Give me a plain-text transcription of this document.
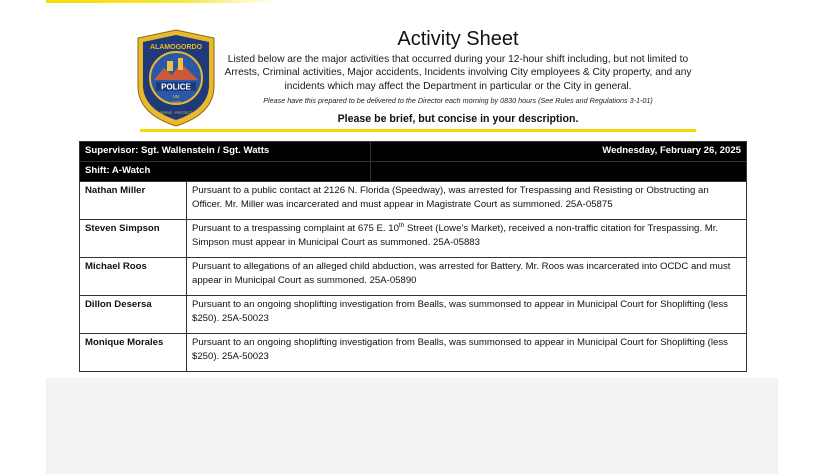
POLICE
ALAMOGORDO
NM
1898
SERVE · PROTECT
Activity Sheet
Listed below are the major activities that occurred during your 12-hour shift including, but not limited to Arrests, Criminal activities, Major accidents, Incidents involving City employees & City property, and any incidents which may affect the Department in particular or the City in general.
Please have this prepared to be delivered to the Director each morning by 0830 hours (See Rules and Regulations 3-1-01)
Please be brief, but concise in your description.
Supervisor: Sgt. Wallenstein / Sgt. Watts		Wednesday, February 26, 2025
Shift: A-Watch		
Nathan Miller	Pursuant to a public contact at 2126 N. Florida (Speedway), was arrested for Trespassing and Resisting or Obstructing an Officer. Mr. Miller was incarcerated and must appear in Magistrate Court as summoned. 25A-05875	
Steven Simpson	Pursuant to a trespassing complaint at 675 E. 10th Street (Lowe’s Market), received a non-traffic citation for Trespassing. Mr. Simpson must appear in Municipal Court as summoned. 25A-05883	
Michael Roos	Pursuant to allegations of an alleged child abduction, was arrested for Battery. Mr. Roos was incarcerated into OCDC and must appear in Municipal Court as summoned. 25A-05890	
Dillon Desersa	Pursuant to an ongoing shoplifting investigation from Bealls, was summonsed to appear in Municipal Court for Shoplifting (less $250). 25A-50023	
Monique Morales	Pursuant to an ongoing shoplifting investigation from Bealls, was summonsed to appear in Municipal Court for Shoplifting (less $250). 25A-50023	
